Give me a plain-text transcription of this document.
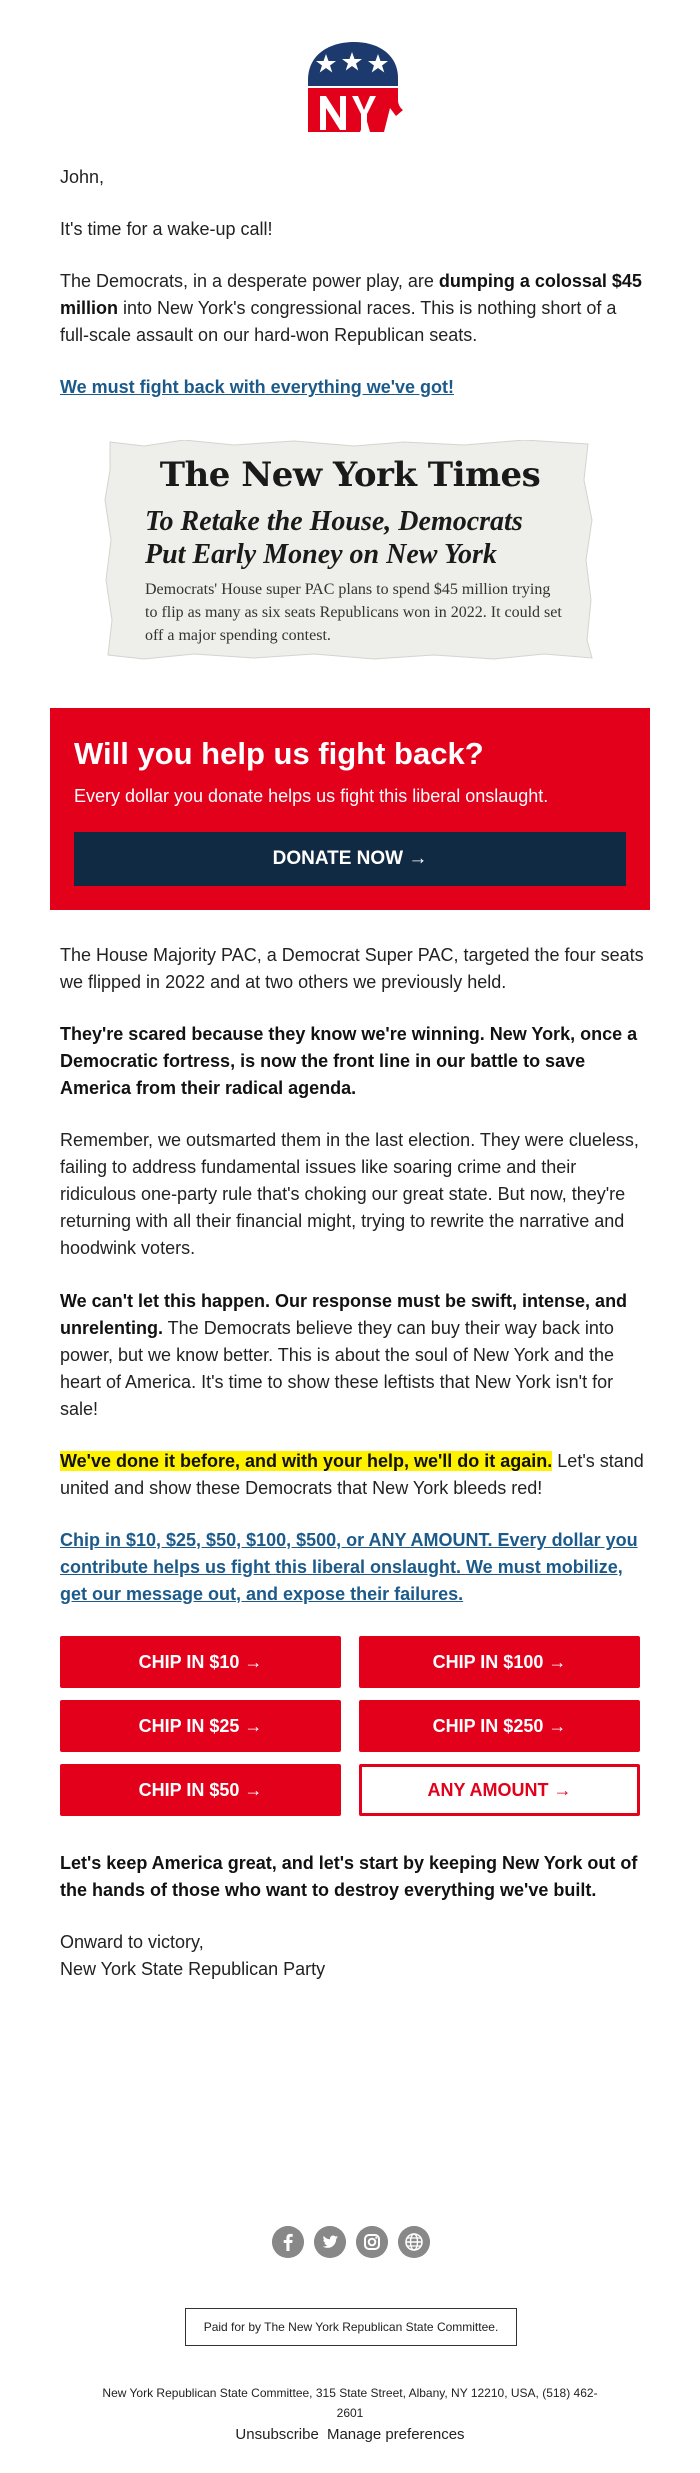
John,

It's time for a wake-up call!

The Democrats, in a desperate power play, are dumping a colossal $45 million into New York's congressional races. This is nothing short of a full-scale assault on our hard-won Republican seats.

We must fight back with everything we've got!

The New York Times
To Retake the House, Democrats Put Early Money on New York
Democrats' House super PAC plans to spend $45 million trying to flip as many as six seats Republicans won in 2022. It could set off a major spending contest.
Will you help us fight back?
Every dollar you donate helps us fight this liberal onslaught.
DONATE NOW →

The House Majority PAC, a Democrat Super PAC, targeted the four seats we flipped in 2022 and at two others we previously held.

They're scared because they know we're winning. New York, once a Democratic fortress, is now the front line in our battle to save America from their radical agenda.

Remember, we outsmarted them in the last election. They were clueless, failing to address fundamental issues like soaring crime and their ridiculous one-party rule that's choking our great state. But now, they're returning with all their financial might, trying to rewrite the narrative and hoodwink voters.

We can't let this happen. Our response must be swift, intense, and unrelenting. The Democrats believe they can buy their way back into power, but we know better. This is about the soul of New York and the heart of America. It's time to show these leftists that New York isn't for sale!

We've done it before, and with your help, we'll do it again. Let's stand united and show these Democrats that New York bleeds red!

Chip in $10, $25, $50, $100, $500, or ANY AMOUNT. Every dollar you contribute helps us fight this liberal onslaught. We must mobilize, get our message out, and expose their failures.

CHIP IN $10 →	CHIP IN $100 →
CHIP IN $25 →	CHIP IN $250 →
CHIP IN $50 →	ANY AMOUNT →

Let's keep America great, and let's start by keeping New York out of the hands of those who want to destroy everything we've built.

Onward to victory,

New York State Republican Party

Paid for by The New York Republican State Committee.
New York Republican State Committee, 315 State Street, Albany, NY 12210, USA, (518) 462-2601
Unsubscribe Manage preferences
